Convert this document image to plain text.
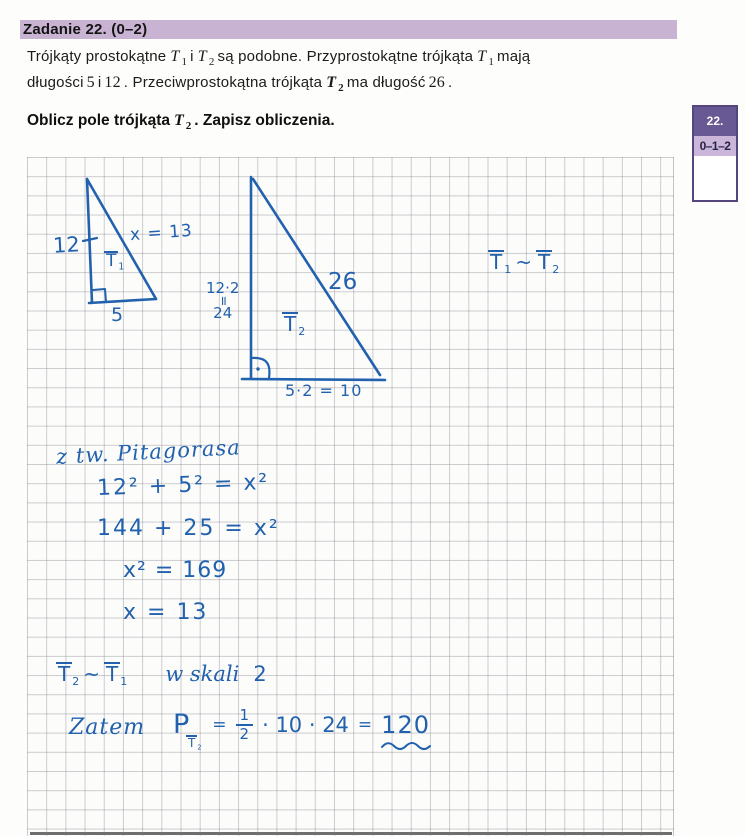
Zadanie 22. (0–2)
Trójkąty prostokątne T $_1$ i T $_2$ są podobne. Przyprostokątne trójkąta T $_1$ mają
długości 5 i 12 . Przeciwprostokątna trójkąta T $_2$ ma długość 26 .
Oblicz pole trójkąta T $_2$ . Zapisz obliczenia.	22.
0–1–2
12	x = 13
T 1
5
12·2
=
24
26
T 2
5·2 = 10
T 1 ~ T 2
z tw. Pitagorasa
12² + 5² = x²
144 + 25 = x²
x² = 169
x = 13
T 2 ~ T 1 w skali 2
Zatem P
T 2
= $\frac{1}{2} \cdot 10 \cdot 24 = 120$
